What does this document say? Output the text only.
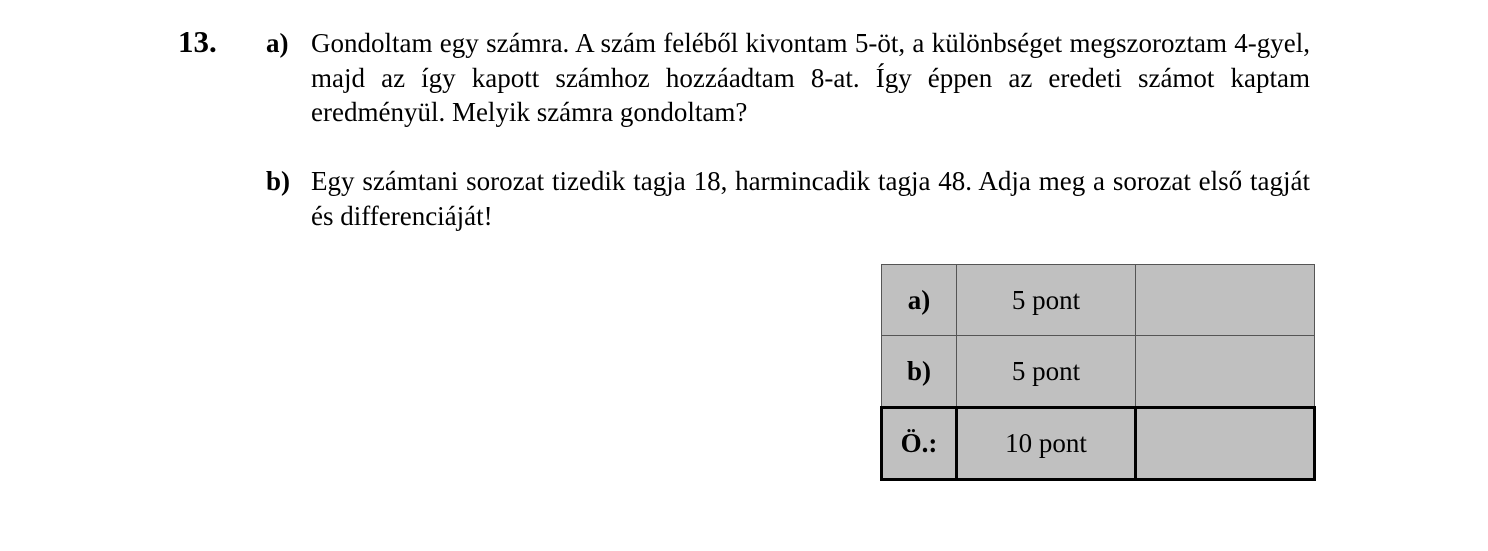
13. a) Gondoltam egy számra. A szám feléből kivontam 5-öt, a különbséget megszoroztam 4-gyel, majd az így kapott számhoz hozzáadtam 8-at. Így éppen az eredeti számot kaptam eredményül. Melyik számra gondoltam?
b) Egy számtani sorozat tizedik tagja 18, harmincadik tagja 48. Adja meg a sorozat első tagját és differenciáját!
a)	5 pont	
b)	5 pont	
Ö.:	10 pont	
